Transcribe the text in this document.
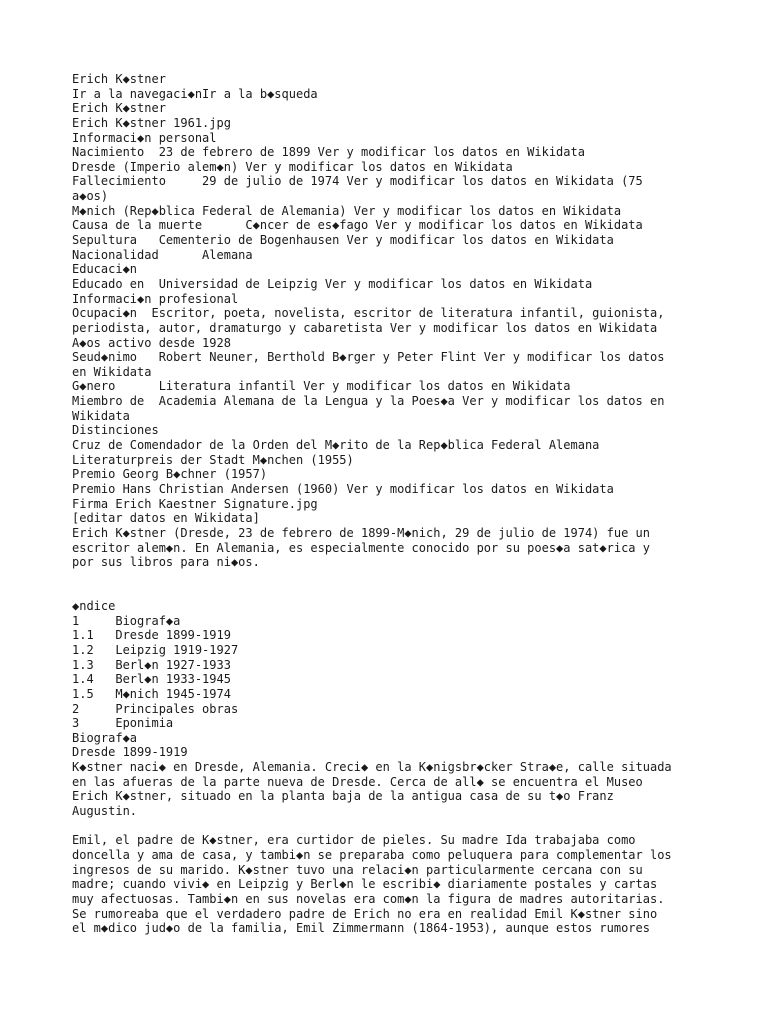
Erich K◆stner
Ir a la navegaci◆nIr a la b◆squeda
Erich K◆stner
Erich K◆stner 1961.jpg
Informaci◆n personal
Nacimiento  23 de febrero de 1899 Ver y modificar los datos en Wikidata
Dresde (Imperio alem◆n) Ver y modificar los datos en Wikidata
Fallecimiento     29 de julio de 1974 Ver y modificar los datos en Wikidata (75
a◆os)
M◆nich (Rep◆blica Federal de Alemania) Ver y modificar los datos en Wikidata
Causa de la muerte      C◆ncer de es◆fago Ver y modificar los datos en Wikidata
Sepultura   Cementerio de Bogenhausen Ver y modificar los datos en Wikidata
Nacionalidad      Alemana
Educaci◆n
Educado en  Universidad de Leipzig Ver y modificar los datos en Wikidata
Informaci◆n profesional
Ocupaci◆n  Escritor, poeta, novelista, escritor de literatura infantil, guionista,
periodista, autor, dramaturgo y cabaretista Ver y modificar los datos en Wikidata
A◆os activo desde 1928
Seud◆nimo   Robert Neuner, Berthold B◆rger y Peter Flint Ver y modificar los datos
en Wikidata
G◆nero      Literatura infantil Ver y modificar los datos en Wikidata
Miembro de  Academia Alemana de la Lengua y la Poes◆a Ver y modificar los datos en
Wikidata
Distinciones
Cruz de Comendador de la Orden del M◆rito de la Rep◆blica Federal Alemana
Literaturpreis der Stadt M◆nchen (1955)
Premio Georg B◆chner (1957)
Premio Hans Christian Andersen (1960) Ver y modificar los datos en Wikidata
Firma Erich Kaestner Signature.jpg
[editar datos en Wikidata]
Erich K◆stner (Dresde, 23 de febrero de 1899-M◆nich, 29 de julio de 1974) fue un
escritor alem◆n. En Alemania, es especialmente conocido por su poes◆a sat◆rica y
por sus libros para ni◆os.
◆ndice
1     Biograf◆a
1.1   Dresde 1899-1919
1.2   Leipzig 1919-1927
1.3   Berl◆n 1927-1933
1.4   Berl◆n 1933-1945
1.5   M◆nich 1945-1974
2     Principales obras
3     Eponimia
Biograf◆a
Dresde 1899-1919
K◆stner naci◆ en Dresde, Alemania. Creci◆ en la K◆nigsbr◆cker Stra◆e, calle situada
en las afueras de la parte nueva de Dresde. Cerca de all◆ se encuentra el Museo
Erich K◆stner, situado en la planta baja de la antigua casa de su t◆o Franz
Augustin.
Emil, el padre de K◆stner, era curtidor de pieles. Su madre Ida trabajaba como
doncella y ama de casa, y tambi◆n se preparaba como peluquera para complementar los
ingresos de su marido. K◆stner tuvo una relaci◆n particularmente cercana con su
madre; cuando vivi◆ en Leipzig y Berl◆n le escribi◆ diariamente postales y cartas
muy afectuosas. Tambi◆n en sus novelas era com◆n la figura de madres autoritarias.
Se rumoreaba que el verdadero padre de Erich no era en realidad Emil K◆stner sino
el m◆dico jud◆o de la familia, Emil Zimmermann (1864-1953), aunque estos rumores
